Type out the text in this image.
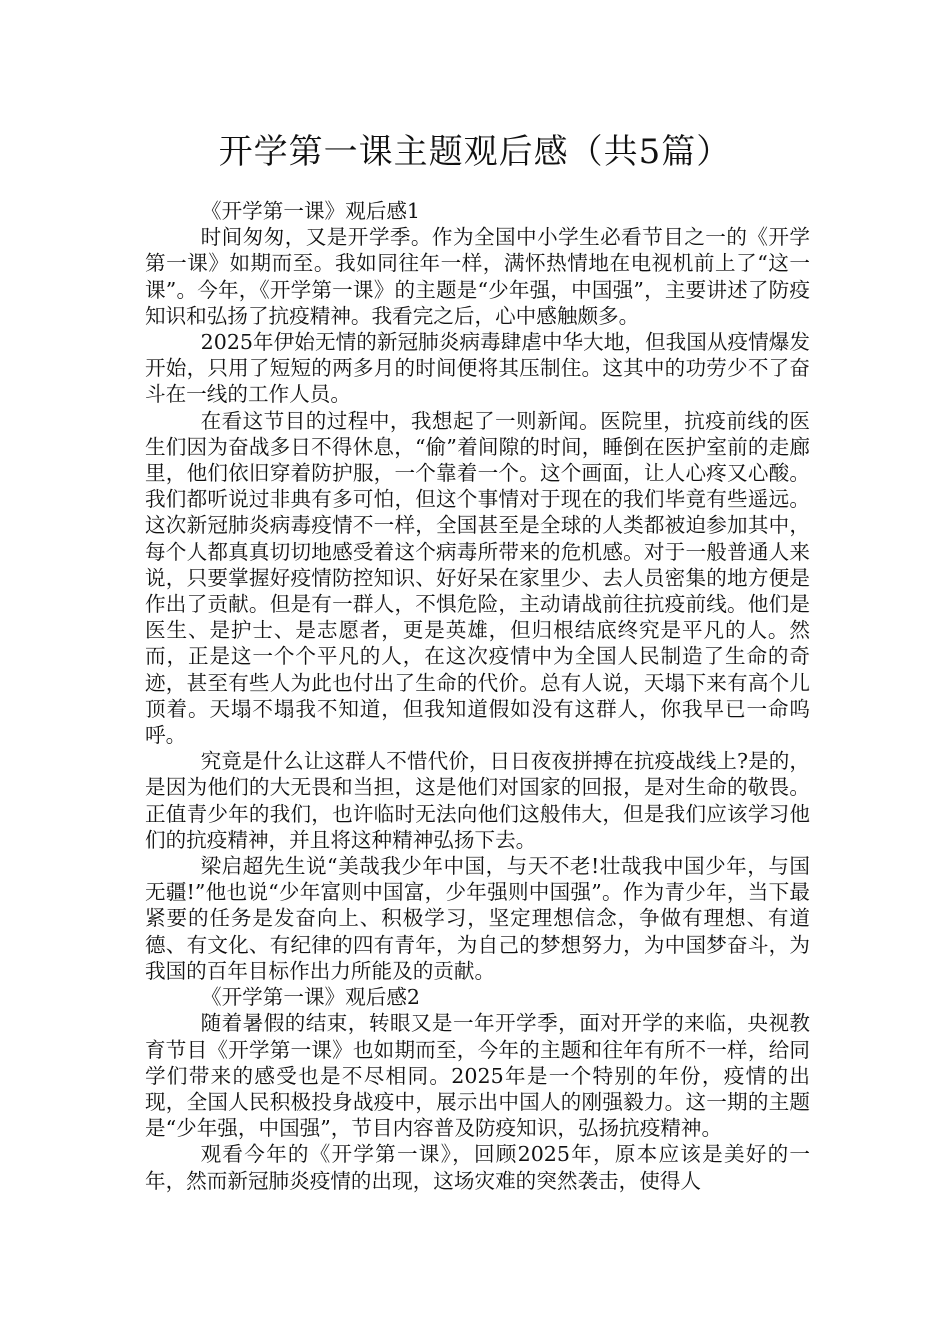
开学第一课主题观后感（共5篇）
《开学第一课》观后感1

时间匆匆，又是开学季。作为全国中小学生必看节目之一的《开学第一课》如期而至。我如同往年一样，满怀热情地在电视机前上了“这一课”。今年，《开学第一课》的主题是“少年强，中国强”，主要讲述了防疫知识和弘扬了抗疫精神。我看完之后，心中感触颇多。

2025年伊始无情的新冠肺炎病毒肆虐中华大地，但我国从疫情爆发开始，只用了短短的两多月的时间便将其压制住。这其中的功劳少不了奋斗在一线的工作人员。

在看这节目的过程中，我想起了一则新闻。医院里，抗疫前线的医生们因为奋战多日不得休息，“偷”着间隙的时间，睡倒在医护室前的走廊里，他们依旧穿着防护服，一个靠着一个。这个画面，让人心疼又心酸。我们都听说过非典有多可怕，但这个事情对于现在的我们毕竟有些遥远。这次新冠肺炎病毒疫情不一样，全国甚至是全球的人类都被迫参加其中，每个人都真真切切地感受着这个病毒所带来的危机感。对于一般普通人来说，只要掌握好疫情防控知识、好好呆在家里少、去人员密集的地方便是作出了贡献。但是有一群人，不惧危险，主动请战前往抗疫前线。他们是医生、是护士、是志愿者，更是英雄，但归根结底终究是平凡的人。然而，正是这一个个平凡的人，在这次疫情中为全国人民制造了生命的奇迹，甚至有些人为此也付出了生命的代价。总有人说，天塌下来有高个儿顶着。天塌不塌我不知道，但我知道假如没有这群人，你我早已一命呜呼。

究竟是什么让这群人不惜代价，日日夜夜拼搏在抗疫战线上?是的，是因为他们的大无畏和当担，这是他们对国家的回报，是对生命的敬畏。正值青少年的我们，也许临时无法向他们这般伟大，但是我们应该学习他们的抗疫精神，并且将这种精神弘扬下去。

梁启超先生说“美哉我少年中国，与天不老!壮哉我中国少年，与国无疆!”他也说“少年富则中国富，少年强则中国强”。作为青少年，当下最紧要的任务是发奋向上、积极学习，坚定理想信念，争做有理想、有道德、有文化、有纪律的四有青年，为自己的梦想努力，为中国梦奋斗，为我国的百年目标作出力所能及的贡献。

《开学第一课》观后感2

随着暑假的结束，转眼又是一年开学季，面对开学的来临，央视教育节目《开学第一课》也如期而至，今年的主题和往年有所不一样，给同学们带来的感受也是不尽相同。2025年是一个特别的年份，疫情的出现，全国人民积极投身战疫中，展示出中国人的刚强毅力。这一期的主题是“少年强，中国强”，节目内容普及防疫知识，弘扬抗疫精神。

观看今年的《开学第一课》，回顾2025年，原本应该是美好的一年，然而新冠肺炎疫情的出现，这场灾难的突然袭击，使得人
